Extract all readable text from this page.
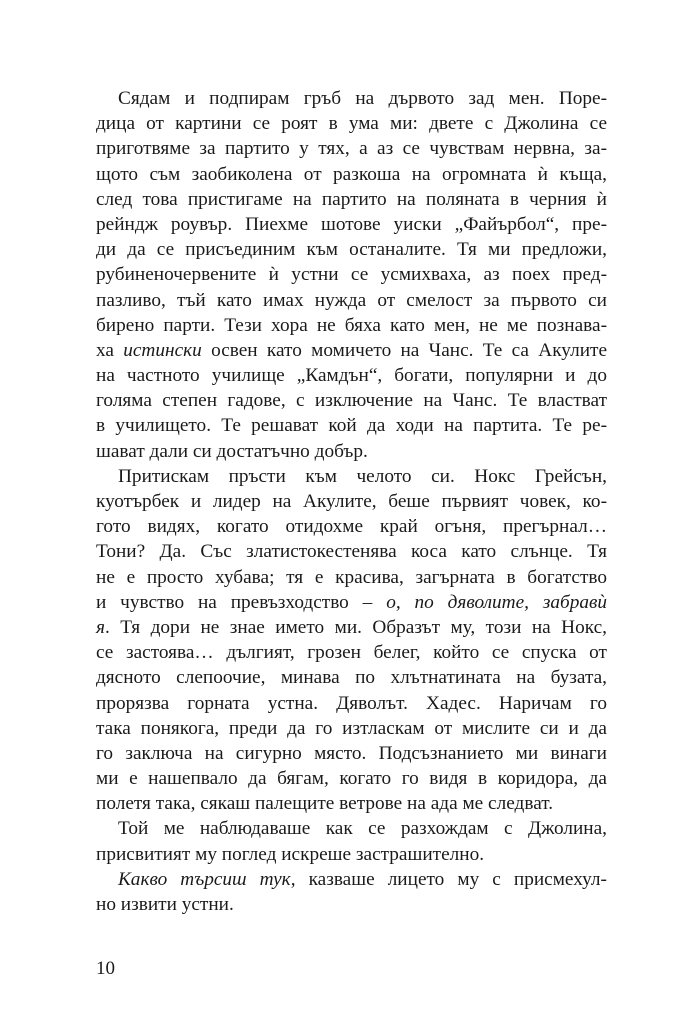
Сядам и подпирам гръб на дървото зад мен. Поре-
дица от картини се роят в ума ми: двете с Джолина се
приготвяме за партито у тях, а аз се чувствам нервна, за-
щото съм заобиколена от разкоша на огромната ѝ къща,
след това пристигаме на партито на поляната в черния ѝ
рейндж роувър. Пиехме шотове уиски „Файърбол“, пре-
ди да се присъединим към останалите. Тя ми предложи,
рубиненочервените ѝ устни се усмихваха, аз поех пред-
пазливо, тъй като имах нужда от смелост за първото си
бирено парти. Тези хора не бяха като мен, не ме познава-
ха истински освен като момичето на Чанс. Те са Акулите
на частното училище „Камдън“, богати, популярни и до
голяма степен гадове, с изключение на Чанс. Те властват
в училището. Те решават кой да ходи на партита. Те ре-
шават дали си достатъчно добър.
Притискам пръсти към челото си. Нокс Грейсън,
куотърбек и лидер на Акулите, беше първият човек, ко-
гото видях, когато отидохме край огъня, прегърнал…
Тони? Да. Със златистокестенява коса като слънце. Тя
не е просто хубава; тя е красива, загърната в богатство
и чувство на превъзходство – о, по дяволите, забравѝ
я. Тя дори не знае името ми. Образът му, този на Нокс,
се застоява… дългият, грозен белег, който се спуска от
дясното слепоочие, минава по хлътнатината на бузата,
прорязва горната устна. Дяволът. Хадес. Наричам го
така понякога, преди да го изтласкам от мислите си и да
го заключа на сигурно място. Подсъзнанието ми винаги
ми е нашепвало да бягам, когато го видя в коридора, да
полетя така, сякаш палещите ветрове на ада ме следват.
Той ме наблюдаваше как се разхождам с Джолина,
присвитият му поглед искреше застрашително.
Какво търсиш тук, казваше лицето му с присмехул-
но извити устни.
10
